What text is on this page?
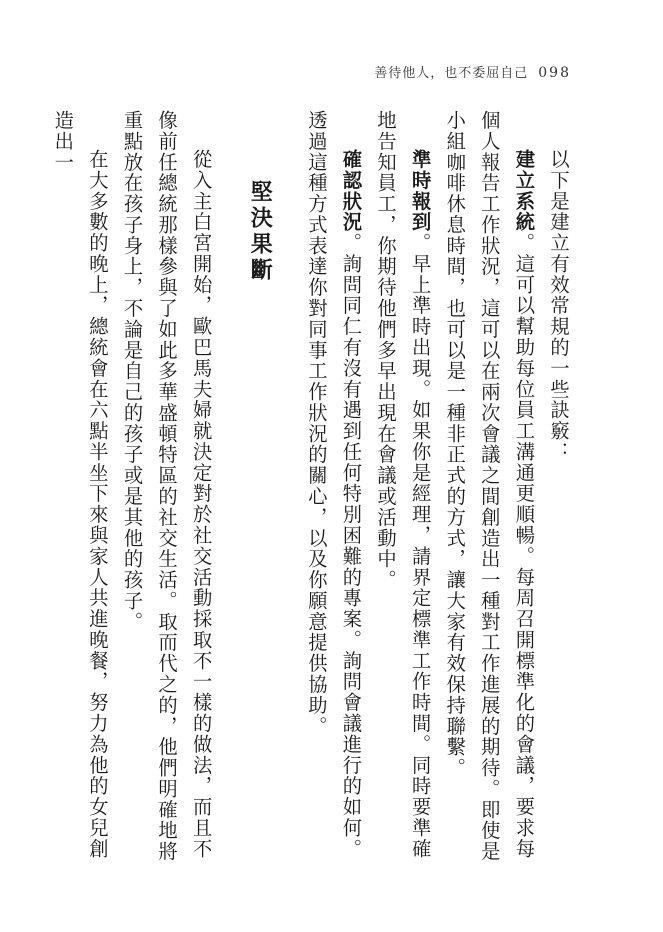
善待他人，也不委屈自己 098

以下是建立有效常規的一些訣竅：

建立系統。這可以幫助每位員工溝通更順暢。每周召開標準化的會議，要求每個人報告工作狀況，這可以在兩次會議之間創造出一種對工作進展的期待。即使是小組咖啡休息時間，也可以是一種非正式的方式，讓大家有效保持聯繫。

準時報到。早上準時出現。如果你是經理，請界定標準工作時間。同時要準確地告知員工，你期待他們多早出現在會議或活動中。

確認狀況。詢問同仁有沒有遇到任何特別困難的專案。詢問會議進行的如何。透過這種方式表達你對同事工作狀況的關心，以及你願意提供協助。

堅決果斷

從入主白宮開始，歐巴馬夫婦就決定對於社交活動採取不一樣的做法，而且不像前任總統那樣參與了如此多華盛頓特區的社交生活。取而代之的，他們明確地將重點放在孩子身上，不論是自己的孩子或是其他的孩子。

在大多數的晚上，總統會在六點半坐下來與家人共進晚餐，努力為他的女兒創造出一
